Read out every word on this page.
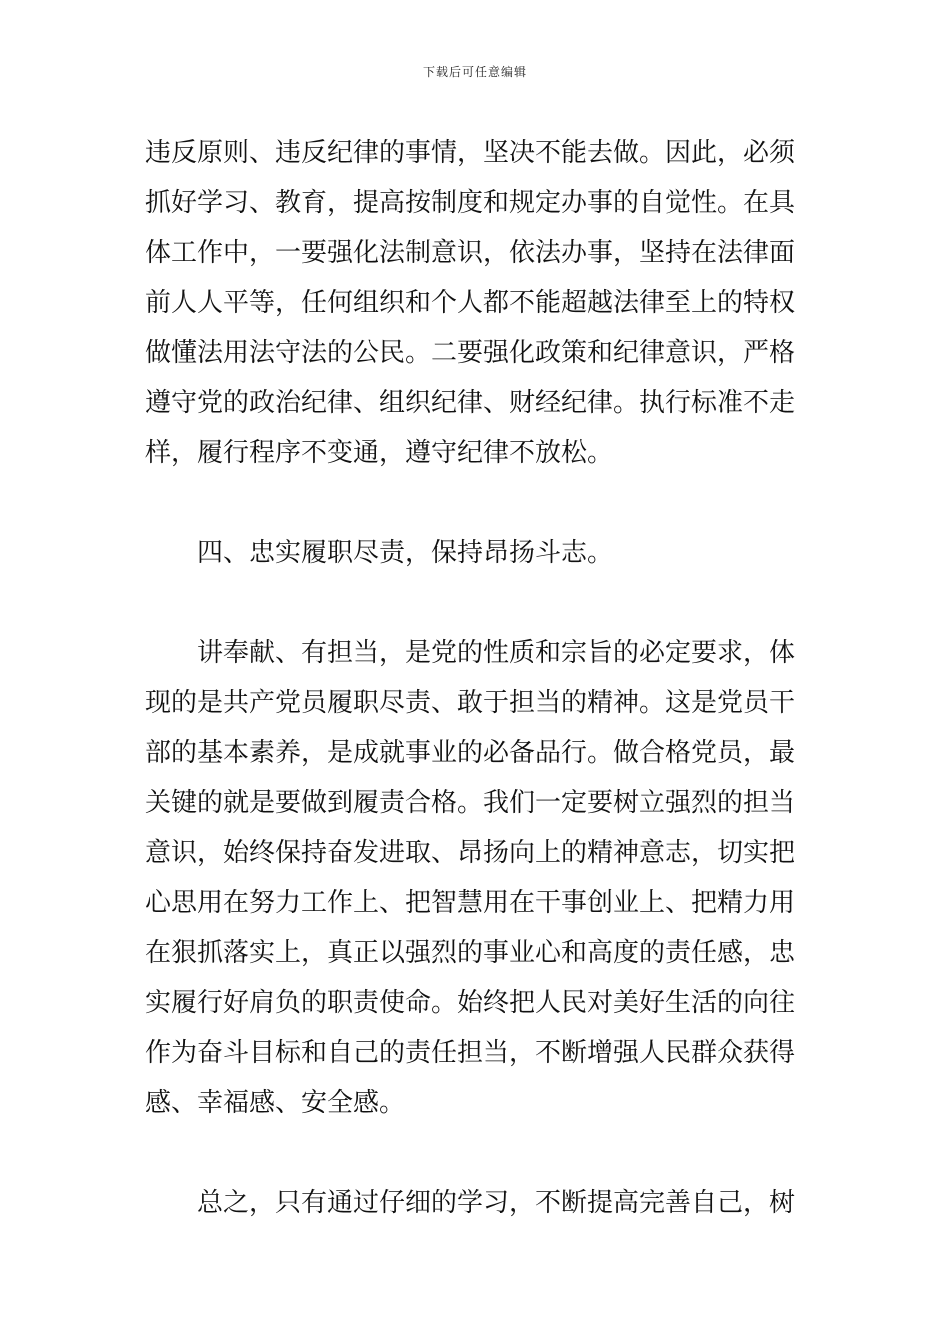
下载后可任意编辑
违反原则、违反纪律的事情，坚决不能去做。因此，必须
抓好学习、教育，提高按制度和规定办事的自觉性。在具
体工作中，一要强化法制意识，依法办事，坚持在法律面
前人人平等，任何组织和个人都不能超越法律至上的特权
做懂法用法守法的公民。二要强化政策和纪律意识，严格
遵守党的政治纪律、组织纪律、财经纪律。执行标准不走
样，履行程序不变通，遵守纪律不放松。
四、忠实履职尽责，保持昂扬斗志。
讲奉献、有担当，是党的性质和宗旨的必定要求，体
现的是共产党员履职尽责、敢于担当的精神。这是党员干
部的基本素养，是成就事业的必备品行。做合格党员，最
关键的就是要做到履责合格。我们一定要树立强烈的担当
意识，始终保持奋发进取、昂扬向上的精神意志，切实把
心思用在努力工作上、把智慧用在干事创业上、把精力用
在狠抓落实上，真正以强烈的事业心和高度的责任感，忠
实履行好肩负的职责使命。始终把人民对美好生活的向往
作为奋斗目标和自己的责任担当，不断增强人民群众获得
感、幸福感、安全感。
总之，只有通过仔细的学习，不断提高完善自己，树
